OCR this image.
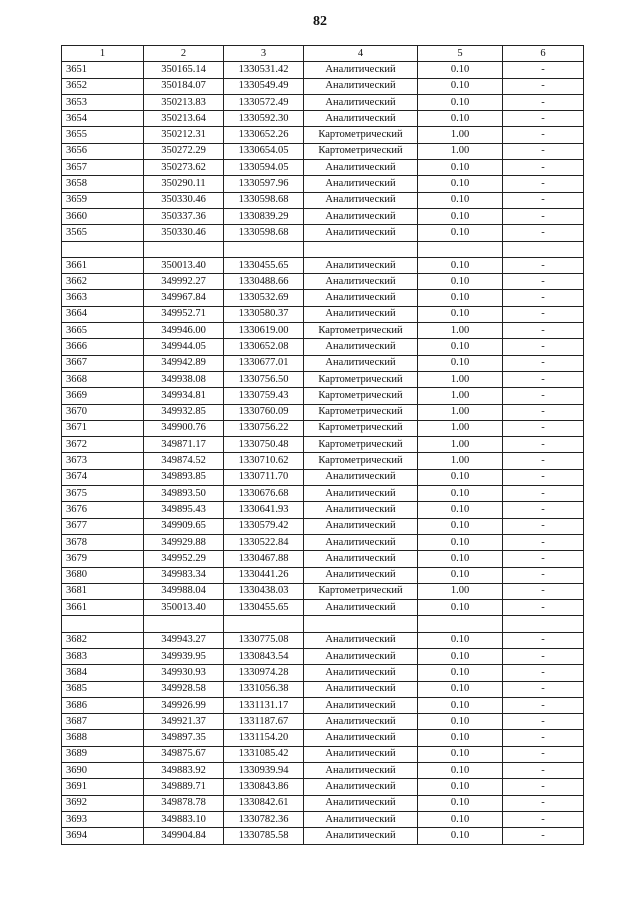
82
1	2	3	4	5	6
3651	350165.14	1330531.42	Аналитический	0.10	-
3652	350184.07	1330549.49	Аналитический	0.10	-
3653	350213.83	1330572.49	Аналитический	0.10	-
3654	350213.64	1330592.30	Аналитический	0.10	-
3655	350212.31	1330652.26	Картометрический	1.00	-
3656	350272.29	1330654.05	Картометрический	1.00	-
3657	350273.62	1330594.05	Аналитический	0.10	-
3658	350290.11	1330597.96	Аналитический	0.10	-
3659	350330.46	1330598.68	Аналитический	0.10	-
3660	350337.36	1330839.29	Аналитический	0.10	-
3565	350330.46	1330598.68	Аналитический	0.10	-

3661	350013.40	1330455.65	Аналитический	0.10	-
3662	349992.27	1330488.66	Аналитический	0.10	-
3663	349967.84	1330532.69	Аналитический	0.10	-
3664	349952.71	1330580.37	Аналитический	0.10	-
3665	349946.00	1330619.00	Картометрический	1.00	-
3666	349944.05	1330652.08	Аналитический	0.10	-
3667	349942.89	1330677.01	Аналитический	0.10	-
3668	349938.08	1330756.50	Картометрический	1.00	-
3669	349934.81	1330759.43	Картометрический	1.00	-
3670	349932.85	1330760.09	Картометрический	1.00	-
3671	349900.76	1330756.22	Картометрический	1.00	-
3672	349871.17	1330750.48	Картометрический	1.00	-
3673	349874.52	1330710.62	Картометрический	1.00	-
3674	349893.85	1330711.70	Аналитический	0.10	-
3675	349893.50	1330676.68	Аналитический	0.10	-
3676	349895.43	1330641.93	Аналитический	0.10	-
3677	349909.65	1330579.42	Аналитический	0.10	-
3678	349929.88	1330522.84	Аналитический	0.10	-
3679	349952.29	1330467.88	Аналитический	0.10	-
3680	349983.34	1330441.26	Аналитический	0.10	-
3681	349988.04	1330438.03	Картометрический	1.00	-
3661	350013.40	1330455.65	Аналитический	0.10	-

3682	349943.27	1330775.08	Аналитический	0.10	-
3683	349939.95	1330843.54	Аналитический	0.10	-
3684	349930.93	1330974.28	Аналитический	0.10	-
3685	349928.58	1331056.38	Аналитический	0.10	-
3686	349926.99	1331131.17	Аналитический	0.10	-
3687	349921.37	1331187.67	Аналитический	0.10	-
3688	349897.35	1331154.20	Аналитический	0.10	-
3689	349875.67	1331085.42	Аналитический	0.10	-
3690	349883.92	1330939.94	Аналитический	0.10	-
3691	349889.71	1330843.86	Аналитический	0.10	-
3692	349878.78	1330842.61	Аналитический	0.10	-
3693	349883.10	1330782.36	Аналитический	0.10	-
3694	349904.84	1330785.58	Аналитический	0.10	-
